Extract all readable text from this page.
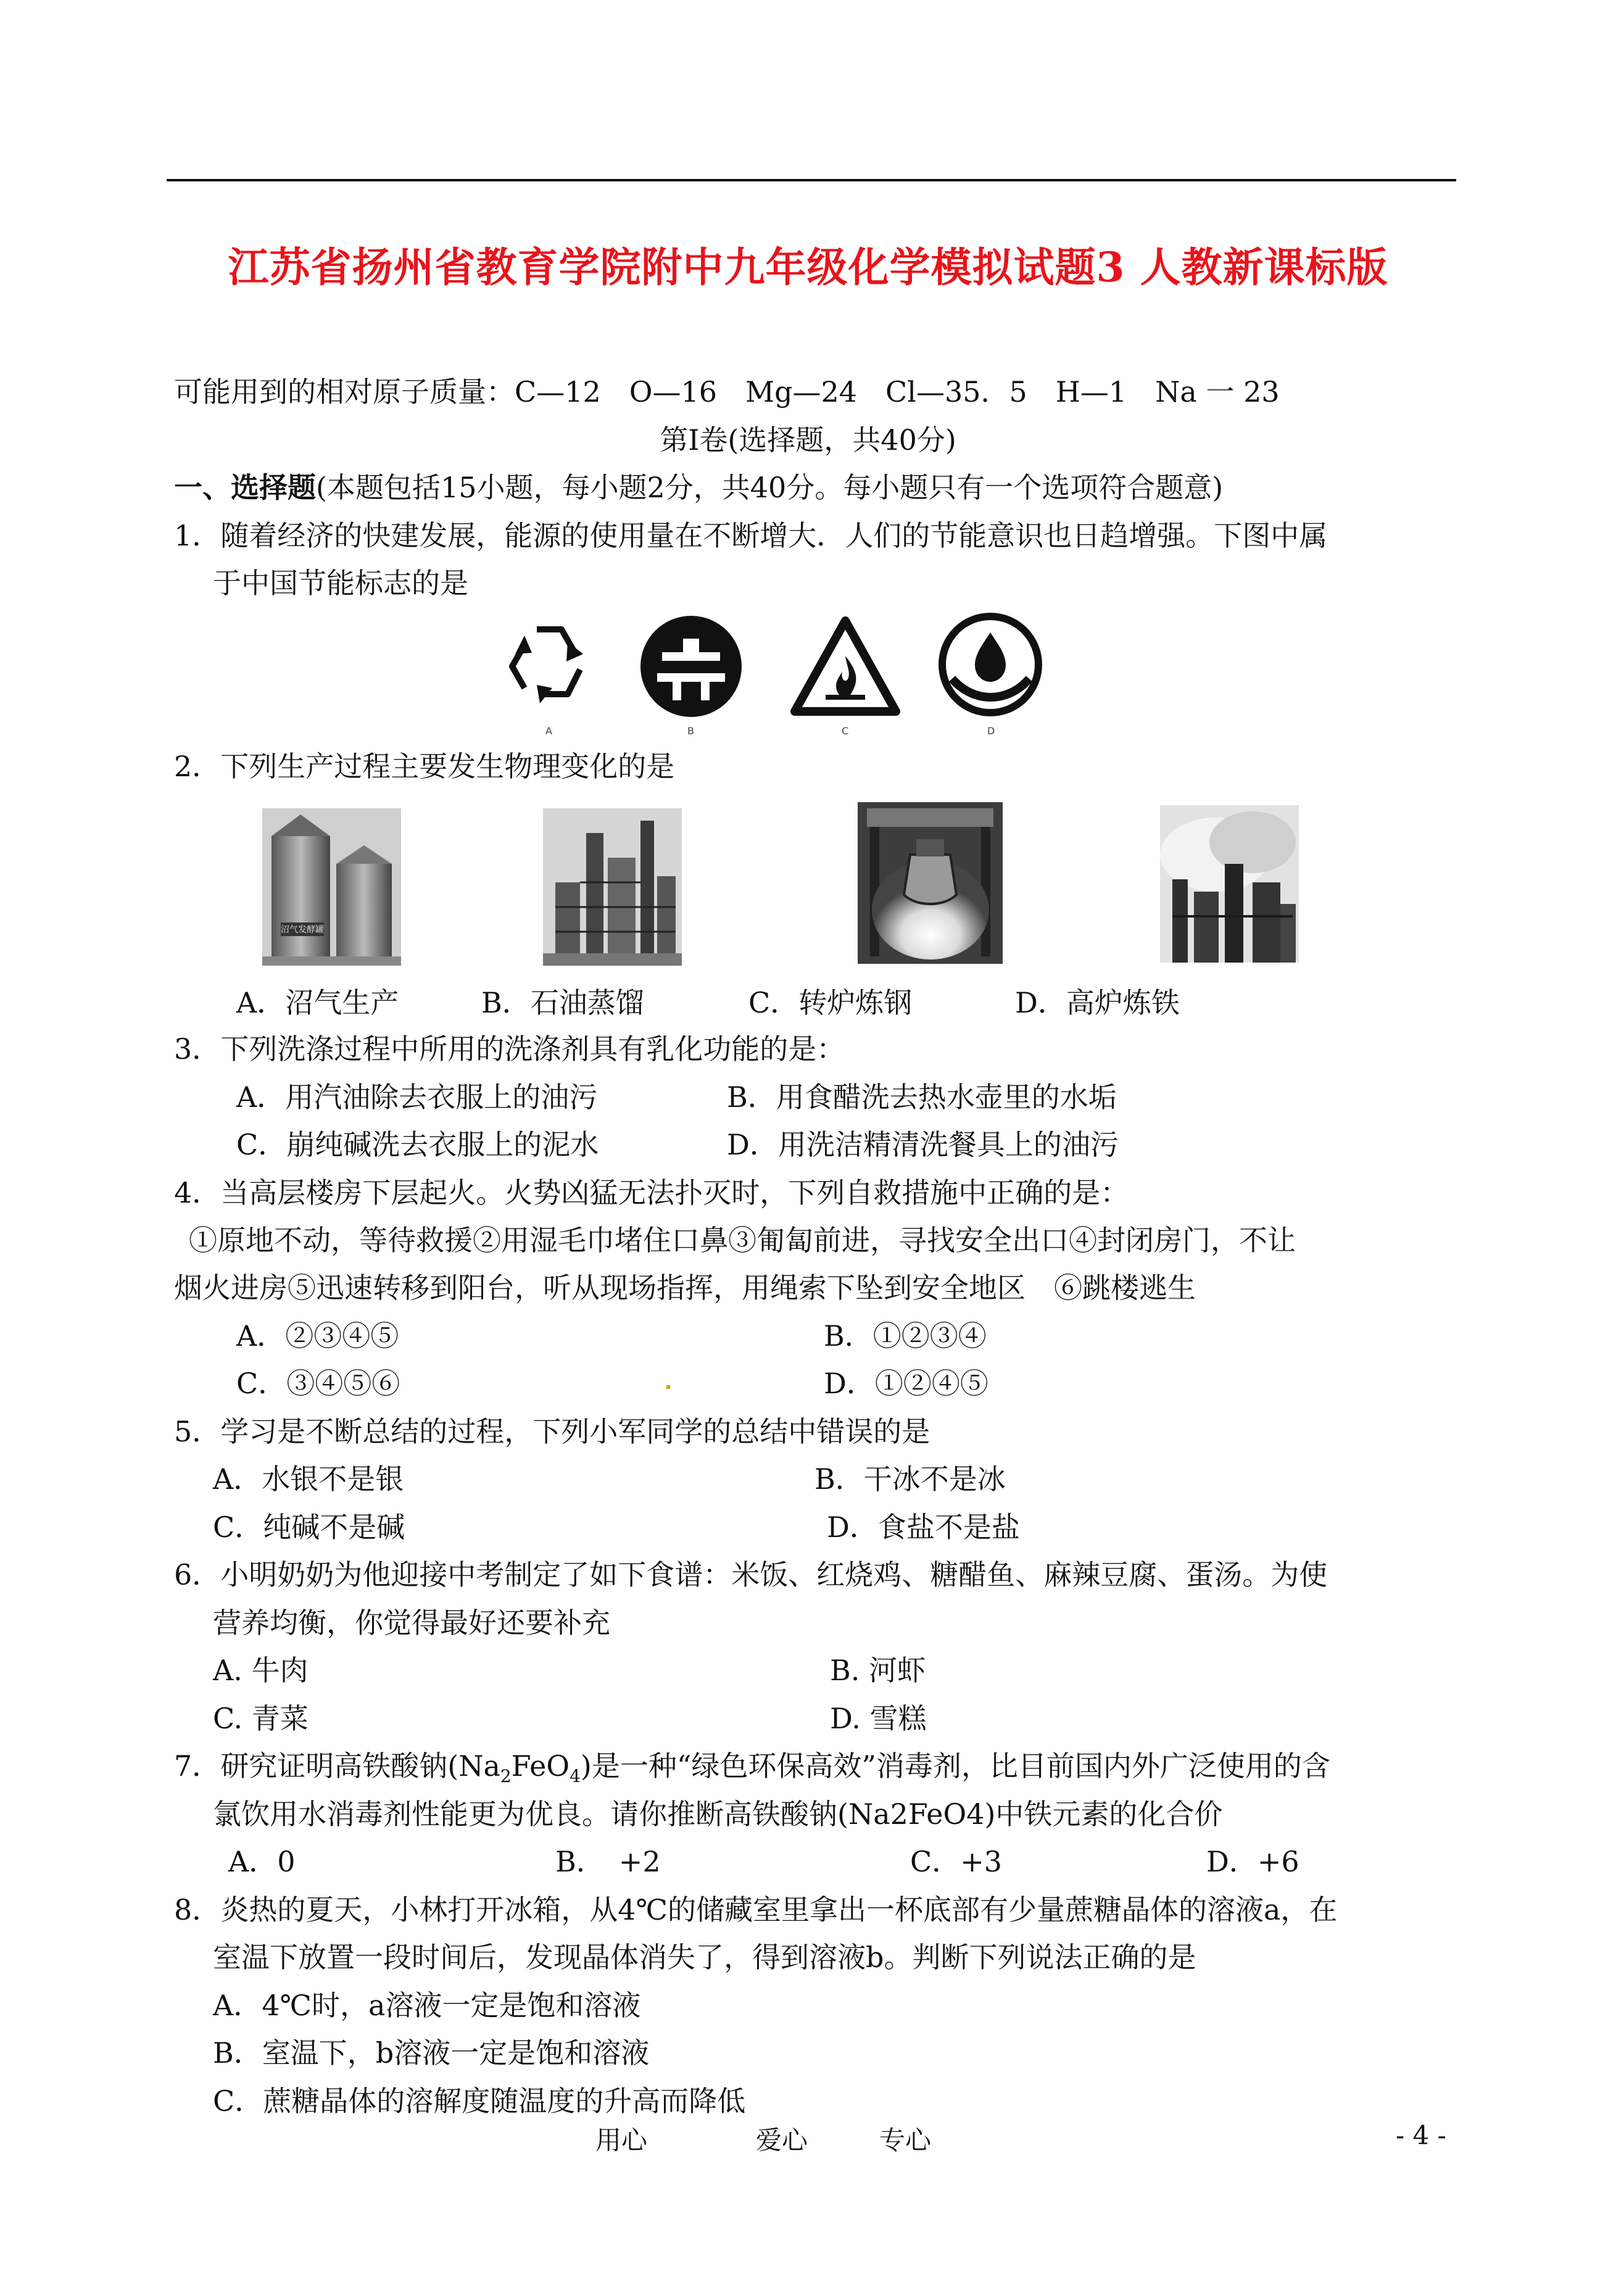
江苏省扬州省教育学院附中九年级化学模拟试题3 人教新课标版
可能用到的相对原子质量：C—12　O—16　Mg—24　Cl—35．5　H—1　Na 一 23
第Ⅰ卷(选择题，共40分)
一、选择题(本题包括15小题，每小题2分，共40分。每小题只有一个选项符合题意)
1．随着经济的快建发展，能源的使用量在不断增大．人们的节能意识也日趋增强。下图中属
于中国节能标志的是
A	B	C	D
2．下列生产过程主要发生物理变化的是
沼气发酵罐
A．沼气生产	B．石油蒸馏	C．转炉炼钢	D．高炉炼铁
3．下列洗涤过程中所用的洗涤剂具有乳化功能的是：
A．用汽油除去衣服上的油污	B．用食醋洗去热水壶里的水垢
C．崩纯碱洗去衣服上的泥水	D．用洗洁精清洗餐具上的油污
4．当高层楼房下层起火。火势凶猛无法扑灭时，下列自救措施中正确的是：
①原地不动，等待救援②用湿毛巾堵住口鼻③匍匐前进，寻找安全出口④封闭房门，不让
烟火进房⑤迅速转移到阳台，听从现场指挥，用绳索下坠到安全地区　⑥跳楼逃生
A．②③④⑤	B．①②③④
C．③④⑤⑥	D．①②④⑤
5．学习是不断总结的过程，下列小军同学的总结中错误的是
A．水银不是银	B．干冰不是冰
C．纯碱不是碱	D．食盐不是盐
6．小明奶奶为他迎接中考制定了如下食谱：米饭、红烧鸡、糖醋鱼、麻辣豆腐、蛋汤。为使
营养均衡，你觉得最好还要补充
A. 牛肉	B. 河虾
C. 青菜	D. 雪糕
7．研究证明高铁酸钠$(Na_2FeO_4)$是一种“绿色环保高效”消毒剂，比目前国内外广泛使用的含
氯饮用水消毒剂性能更为优良。请你推断高铁酸钠(Na2FeO4)中铁元素的化合价
A．0	B．　+2	C．+3	D．+6
8．炎热的夏天，小林打开冰箱，从4℃的储藏室里拿出一杯底部有少量蔗糖晶体的溶液a，在
室温下放置一段时间后，发现晶体消失了，得到溶液b。判断下列说法正确的是
A．4℃时，a溶液一定是饱和溶液
B．室温下，b溶液一定是饱和溶液
C．蔗糖晶体的溶解度随温度的升高而降低
用心	爱心	专心	- 4 -
